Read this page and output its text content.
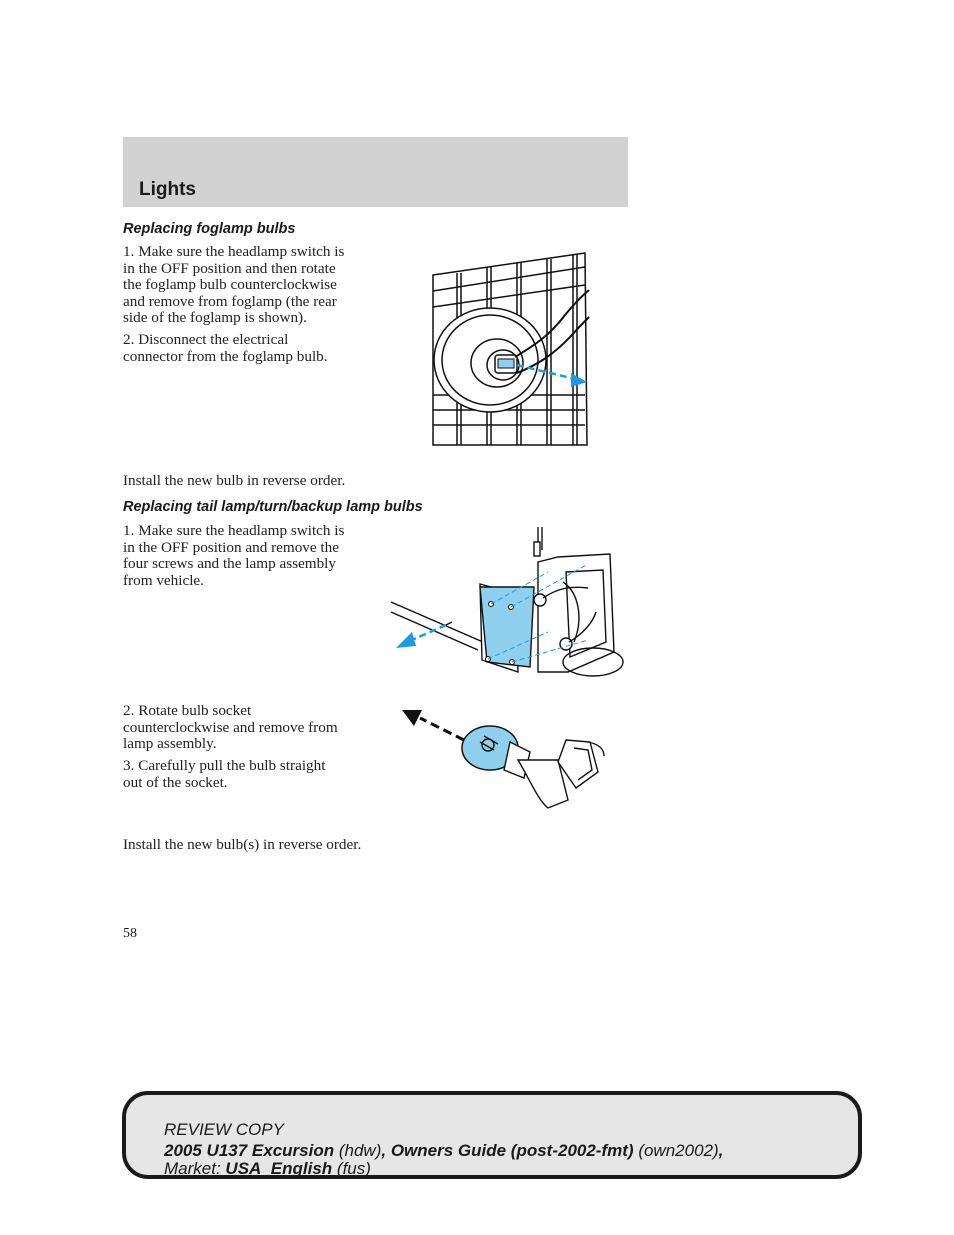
Lights
Replacing foglamp bulbs
1. Make sure the headlamp switch is
in the OFF position and then rotate
the foglamp bulb counterclockwise
and remove from foglamp (the rear
side of the foglamp is shown).
2. Disconnect the electrical
connector from the foglamp bulb.
Install the new bulb in reverse order.
Replacing tail lamp/turn/backup lamp bulbs
1. Make sure the headlamp switch is
in the OFF position and remove the
four screws and the lamp assembly
from vehicle.
2. Rotate bulb socket
counterclockwise and remove from
lamp assembly.
3. Carefully pull the bulb straight
out of the socket.
Install the new bulb(s) in reverse order.
58
REVIEW COPY
2005 U137 Excursion (hdw), Owners Guide (post-2002-fmt) (own2002),
Market: USA_English (fus)
